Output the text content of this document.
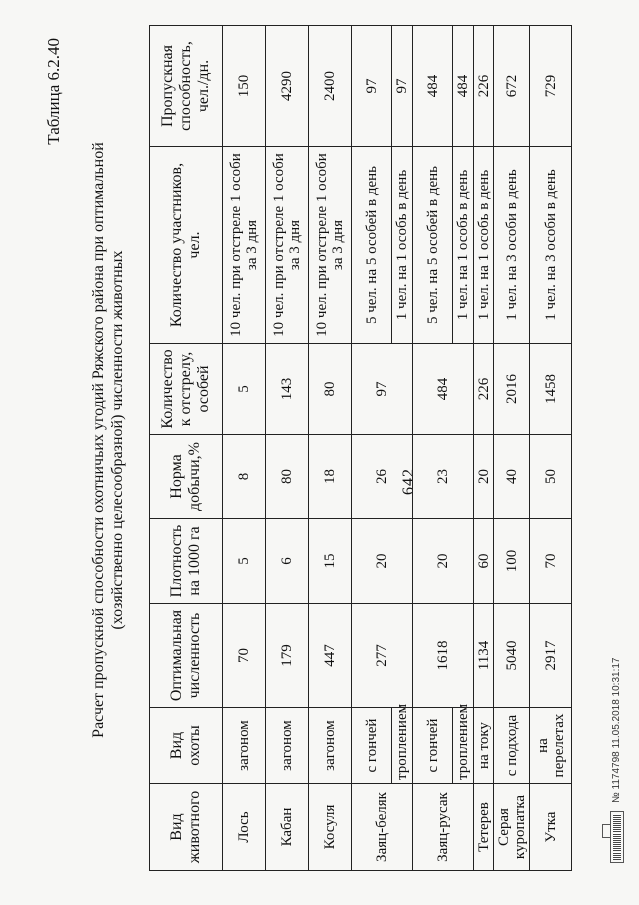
642
Таблица 6.2.40
Расчет пропускной способности охотничьих угодий Ряжского района при оптимальной (хозяйственно целесообразной) численности животных
Вид животного	Вид охоты	Оптимальная численность	Плотность на 1000 га	Норма добычи,%	Количество к отстрелу, особей	Количество участников, чел.	Пропускная способность, чел./дн.
Лось	загоном	70	5	8	5	10 чел. при отстреле 1 особи за 3 дня	150
Кабан	загоном	179	6	80	143	10 чел. при отстреле 1 особи за 3 дня	4290
Косуля	загоном	447	15	18	80	10 чел. при отстреле 1 особи за 3 дня	2400
Заяц-беляк	с гончей	277	20	26	97	5 чел. на 5 особей в день	97
	троплением					1 чел. на 1 особь в день	97
Заяц-русак	с гончей	1618	20	23	484	5 чел. на 5 особей в день	484
	троплением					1 чел. на 1 особь в день	484
Тетерев	на току	1134	60	20	226	1 чел. на 1 особь в день	226
Серая куропатка	с подхода	5040	100	40	2016	1 чел. на 3 особи в день	672
Утка	на перелетах	2917	70	50	1458	1 чел. на 3 особи в день	729
№ 1174798 11.05.2018 10:31:17
